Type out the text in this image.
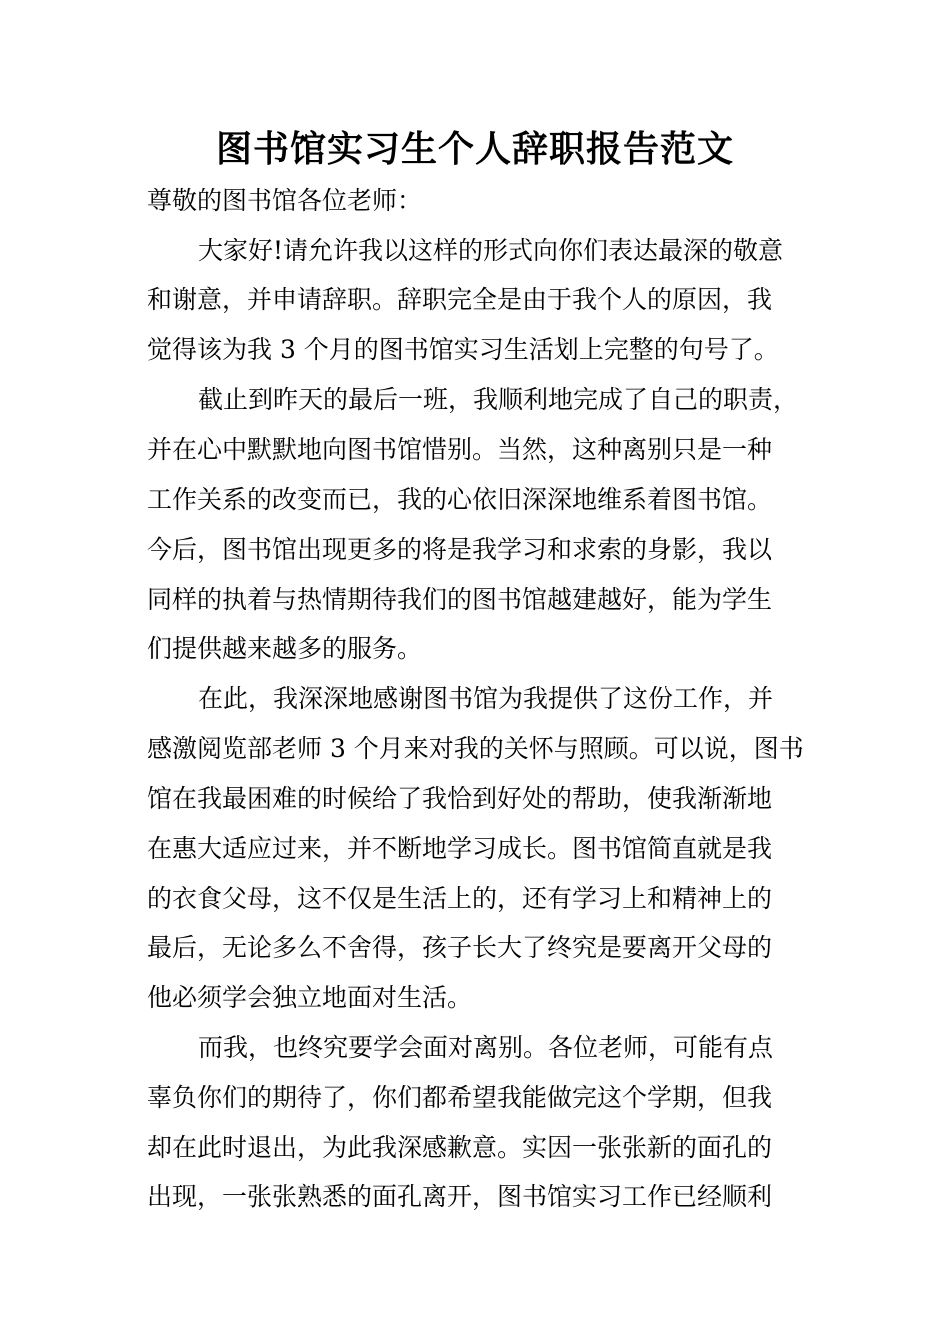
图书馆实习生个人辞职报告范文
尊敬的图书馆各位老师：
大家好!请允许我以这样的形式向你们表达最深的敬意
和谢意，并申请辞职。辞职完全是由于我个人的原因，我
觉得该为我 3 个月的图书馆实习生活划上完整的句号了。
截止到昨天的最后一班，我顺利地完成了自己的职责，
并在心中默默地向图书馆惜别。当然，这种离别只是一种
工作关系的改变而已，我的心依旧深深地维系着图书馆。
今后，图书馆出现更多的将是我学习和求索的身影，我以
同样的执着与热情期待我们的图书馆越建越好，能为学生
们提供越来越多的服务。
在此，我深深地感谢图书馆为我提供了这份工作，并
感激阅览部老师 3 个月来对我的关怀与照顾。可以说，图书
馆在我最困难的时候给了我恰到好处的帮助，使我渐渐地
在惠大适应过来，并不断地学习成长。图书馆简直就是我
的衣食父母，这不仅是生活上的，还有学习上和精神上的
最后，无论多么不舍得，孩子长大了终究是要离开父母的
他必须学会独立地面对生活。
而我，也终究要学会面对离别。各位老师，可能有点
辜负你们的期待了，你们都希望我能做完这个学期，但我
却在此时退出，为此我深感歉意。实因一张张新的面孔的
出现，一张张熟悉的面孔离开，图书馆实习工作已经顺利
